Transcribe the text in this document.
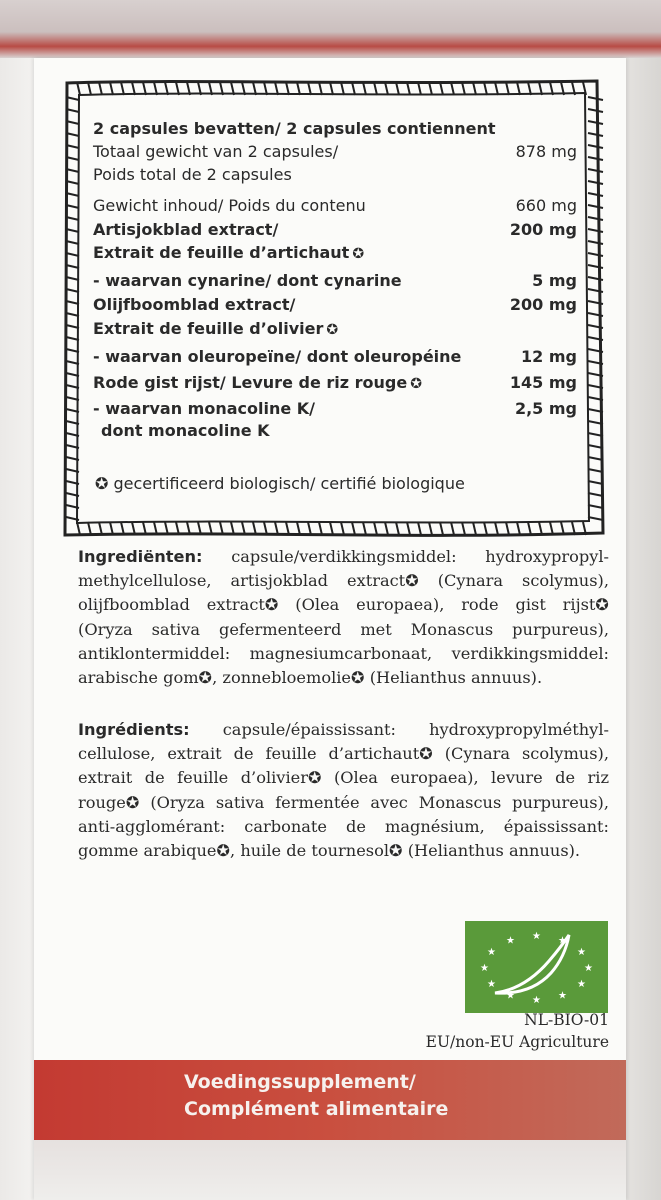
2 capsules bevatten/ 2 capsules contiennent
Totaal gewicht van 2 capsules/	878 mg
Poids total de 2 capsules
Gewicht inhoud/ Poids du contenu	660 mg
Artisjokblad extract/	200 mg
Extrait de feuille d’artichaut ✪
- waarvan cynarine/ dont cynarine	5 mg
Olijfboomblad extract/	200 mg
Extrait de feuille d’olivier ✪
- waarvan oleuropeïne/ dont oleuropéine	12 mg
Rode gist rijst/ Levure de riz rouge ✪	145 mg
- waarvan monacoline K/	2,5 mg
dont monacoline K
✪ gecertificeerd biologisch/ certifié biologique
Ingrediënten: capsule/verdikkingsmiddel: hydroxypropyl-
methylcellulose, artisjokblad extract✪ (Cynara scolymus),
olijfboomblad extract✪ (Olea europaea), rode gist rijst✪
(Oryza sativa gefermenteerd met Monascus purpureus),
antiklontermiddel: magnesiumcarbonaat, verdikkingsmiddel:
arabische gom✪, zonnebloemolie✪ (Helianthus annuus).
Ingrédients: capsule/épaississant: hydroxypropylméthyl-
cellulose, extrait de feuille d’artichaut✪ (Cynara scolymus),
extrait de feuille d’olivier✪ (Olea europaea), levure de riz
rouge✪ (Oryza sativa fermentée avec Monascus purpureus),
anti-agglomérant: carbonate de magnésium, épaississant:
gomme arabique✪, huile de tournesol✪ (Helianthus annuus).
★
★
★
★
★
★
★
★
★ ★ ★
★
NL-BIO-01
EU/non-EU Agriculture
Voedingssupplement/
Complément alimentaire
